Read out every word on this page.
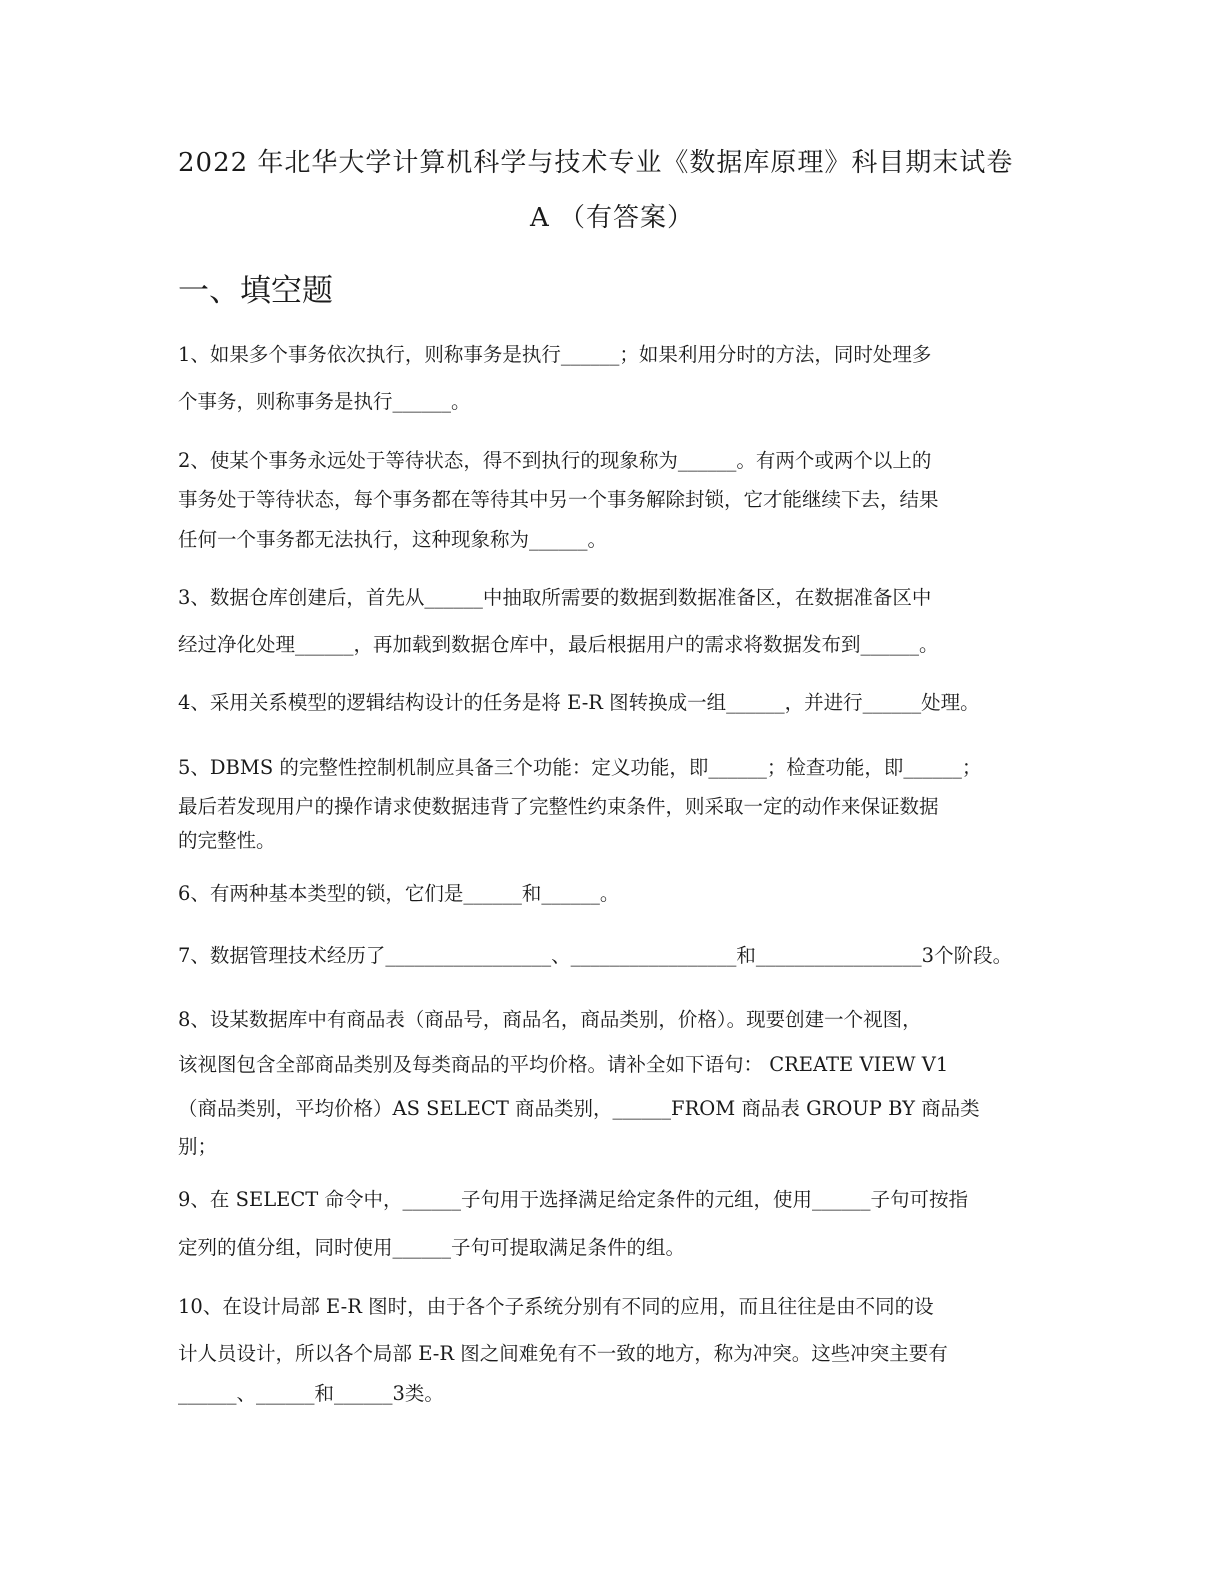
2022 年北华大学计算机科学与技术专业《数据库原理》科目期末试卷
A （有答案）
一、填空题
1、如果多个事务依次执行，则称事务是执行______；如果利用分时的方法，同时处理多
个事务，则称事务是执行______。
2、使某个事务永远处于等待状态，得不到执行的现象称为______。有两个或两个以上的
事务处于等待状态，每个事务都在等待其中另一个事务解除封锁，它才能继续下去，结果
任何一个事务都无法执行，这种现象称为______。
3、数据仓库创建后，首先从______中抽取所需要的数据到数据准备区，在数据准备区中
经过净化处理______，再加载到数据仓库中，最后根据用户的需求将数据发布到______。
4、采用关系模型的逻辑结构设计的任务是将 E-R 图转换成一组______，并进行______处理。
5、DBMS 的完整性控制机制应具备三个功能：定义功能，即______；检查功能，即______；
最后若发现用户的操作请求使数据违背了完整性约束条件，则采取一定的动作来保证数据
的完整性。
6、有两种基本类型的锁，它们是______和______。
7、数据管理技术经历了_________________、_________________和_________________3个阶段。
8、设某数据库中有商品表（商品号，商品名，商品类别，价格）。现要创建一个视图，
该视图包含全部商品类别及每类商品的平均价格。请补全如下语句： CREATE VIEW V1
（商品类别，平均价格）AS SELECT 商品类别，______FROM 商品表 GROUP BY 商品类
别；
9、在 SELECT 命令中，______子句用于选择满足给定条件的元组，使用______子句可按指
定列的值分组，同时使用______子句可提取满足条件的组。
10、在设计局部 E-R 图时，由于各个子系统分别有不同的应用，而且往往是由不同的设
计人员设计，所以各个局部 E-R 图之间难免有不一致的地方，称为冲突。这些冲突主要有
______、______和______3类。
